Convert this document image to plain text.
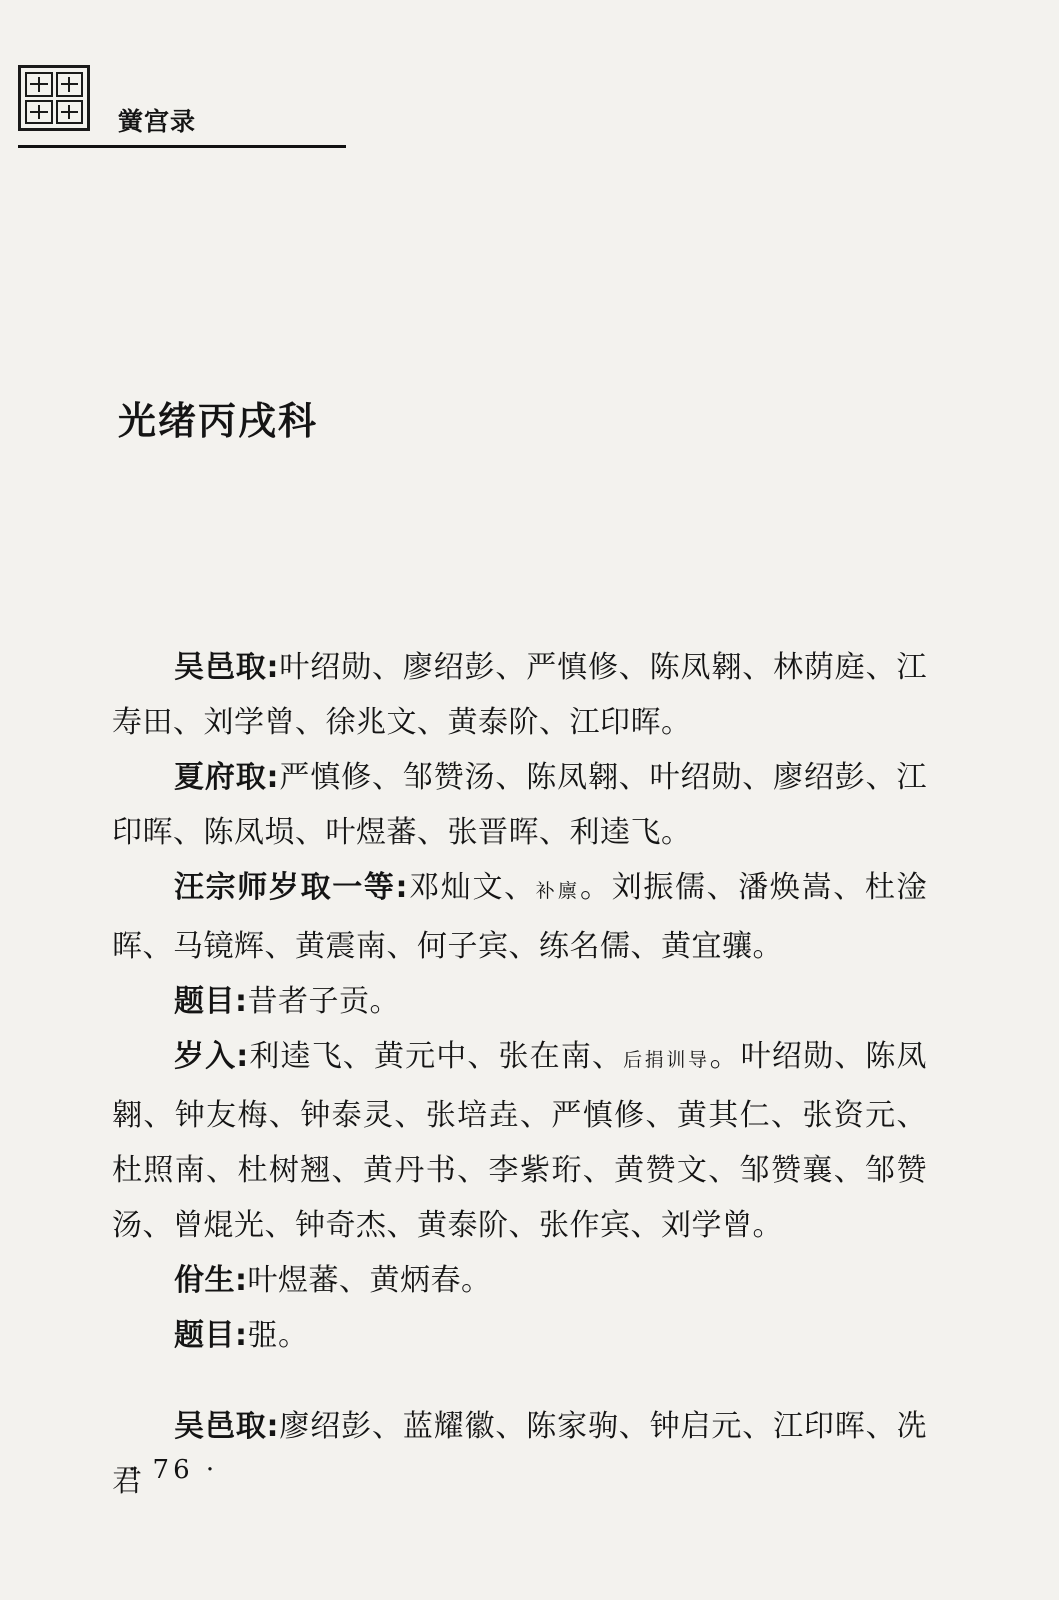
黉宫录
光绪丙戌科

吴邑取:叶绍勋、廖绍彭、严慎修、陈凤翱、林荫庭、江寿田、刘学曾、徐兆文、黄泰阶、江印晖。

夏府取:严慎修、邹赞汤、陈凤翱、叶绍勋、廖绍彭、江印晖、陈凤埙、叶煜蕃、张晋晖、利逵飞。

汪宗师岁取一等:邓灿文、补廪。刘振儒、潘焕嵩、杜淦晖、马镜辉、黄震南、何子宾、练名儒、黄宜骧。

题目:昔者子贡。

岁入:利逵飞、黄元中、张在南、后捐训导。叶绍勋、陈凤翱、钟友梅、钟泰灵、张培垚、严慎修、黄其仁、张资元、杜照南、杜树翘、黄丹书、李紫珩、黄赞文、邹赞襄、邹赞汤、曾焜光、钟奇杰、黄泰阶、张作宾、刘学曾。

佾生:叶煜蕃、黄炳春。

题目:弫。

吴邑取:廖绍彭、蓝耀徽、陈家驹、钟启元、江印晖、冼君

· 76 ·
